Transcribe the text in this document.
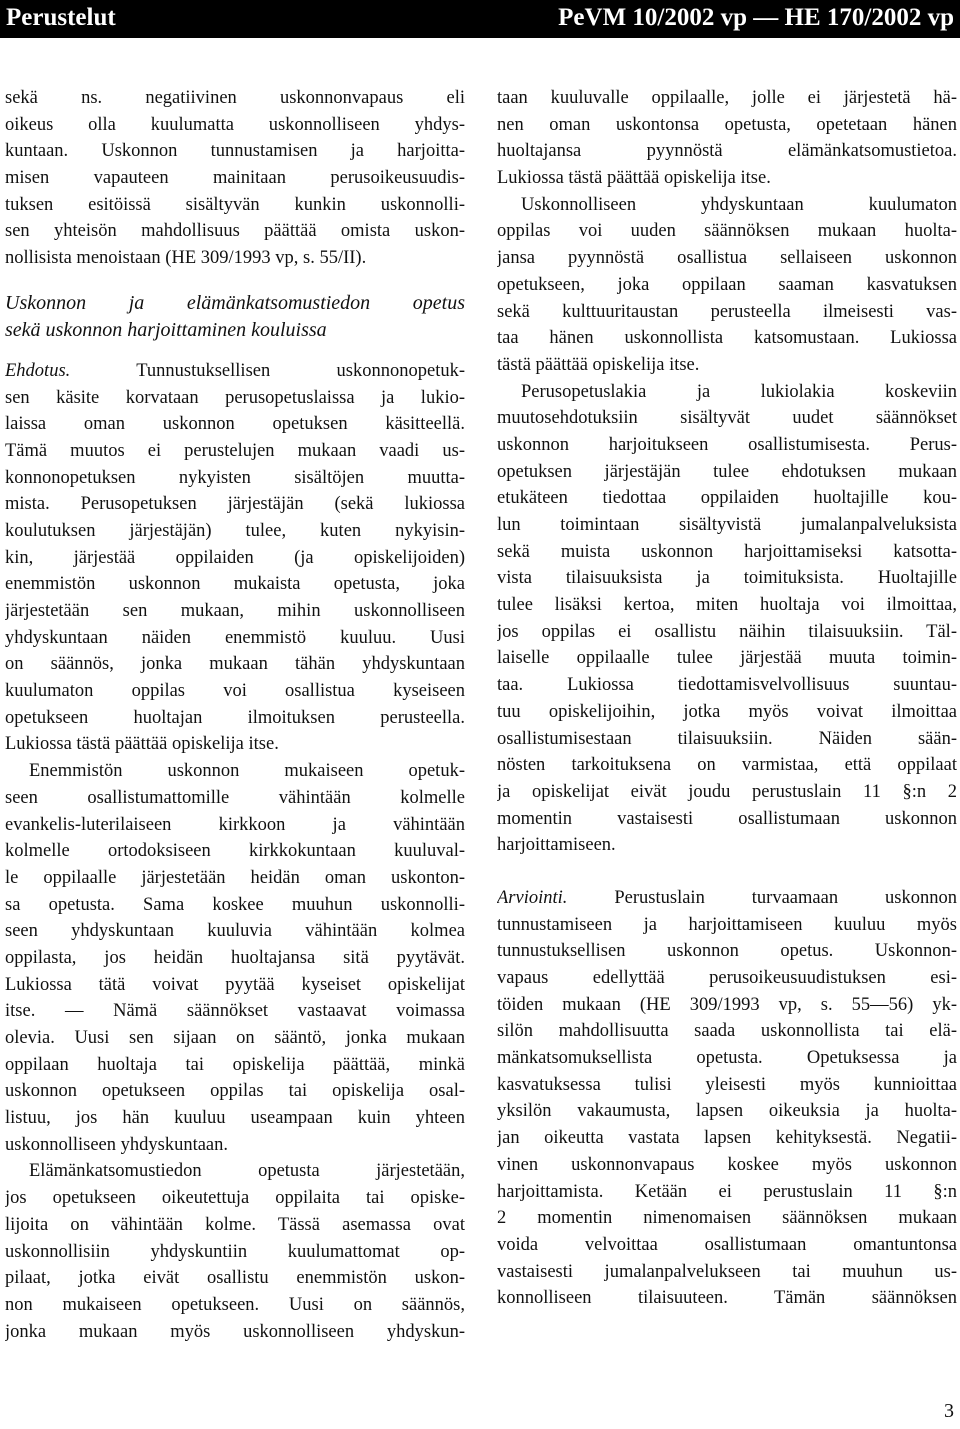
Perustelut	PeVM 10/2002 vp — HE 170/2002 vp
sekä ns. negatiivinen uskonnonvapaus eli
oikeus olla kuulumatta uskonnolliseen yhdys-
kuntaan. Uskonnon tunnustamisen ja harjoitta-
misen vapauteen mainitaan perusoikeusuudis-
tuksen esitöissä sisältyvän kunkin uskonnolli-
sen yhteisön mahdollisuus päättää omista uskon-
nollisista menoistaan (HE 309/1993 vp, s. 55/II).
Uskonnon ja elämänkatsomustiedon opetus
sekä uskonnon harjoittaminen kouluissa
Ehdotus. Tunnustuksellisen uskonnonopetuk-
sen käsite korvataan perusopetuslaissa ja lukio-
laissa oman uskonnon opetuksen käsitteellä.
Tämä muutos ei perustelujen mukaan vaadi us-
konnonopetuksen nykyisten sisältöjen muutta-
mista. Perusopetuksen järjestäjän (sekä lukiossa
koulutuksen järjestäjän) tulee, kuten nykyisin-
kin, järjestää oppilaiden (ja opiskelijoiden)
enemmistön uskonnon mukaista opetusta, joka
järjestetään sen mukaan, mihin uskonnolliseen
yhdyskuntaan näiden enemmistö kuuluu. Uusi
on säännös, jonka mukaan tähän yhdyskuntaan
kuulumaton oppilas voi osallistua kyseiseen
opetukseen huoltajan ilmoituksen perusteella.
Lukiossa tästä päättää opiskelija itse.
Enemmistön uskonnon mukaiseen opetuk-
seen osallistumattomille vähintään kolmelle
evankelis-luterilaiseen kirkkoon ja vähintään
kolmelle ortodoksiseen kirkkokuntaan kuuluval-
le oppilaalle järjestetään heidän oman uskonton-
sa opetusta. Sama koskee muuhun uskonnolli-
seen yhdyskuntaan kuuluvia vähintään kolmea
oppilasta, jos heidän huoltajansa sitä pyytävät.
Lukiossa tätä voivat pyytää kyseiset opiskelijat
itse. — Nämä säännökset vastaavat voimassa
olevia. Uusi sen sijaan on sääntö, jonka mukaan
oppilaan huoltaja tai opiskelija päättää, minkä
uskonnon opetukseen oppilas tai opiskelija osal-
listuu, jos hän kuuluu useampaan kuin yhteen
uskonnolliseen yhdyskuntaan.
Elämänkatsomustiedon opetusta järjestetään,
jos opetukseen oikeutettuja oppilaita tai opiske-
lijoita on vähintään kolme. Tässä asemassa ovat
uskonnollisiin yhdyskuntiin kuulumattomat op-
pilaat, jotka eivät osallistu enemmistön uskon-
non mukaiseen opetukseen. Uusi on säännös,
jonka mukaan myös uskonnolliseen yhdyskun-
taan kuuluvalle oppilaalle, jolle ei järjestetä hä-
nen oman uskontonsa opetusta, opetetaan hänen
huoltajansa pyynnöstä elämänkatsomustietoa.
Lukiossa tästä päättää opiskelija itse.
Uskonnolliseen yhdyskuntaan kuulumaton
oppilas voi uuden säännöksen mukaan huolta-
jansa pyynnöstä osallistua sellaiseen uskonnon
opetukseen, joka oppilaan saaman kasvatuksen
sekä kulttuuritaustan perusteella ilmeisesti vas-
taa hänen uskonnollista katsomustaan. Lukiossa
tästä päättää opiskelija itse.
Perusopetuslakia ja lukiolakia koskeviin
muutosehdotuksiin sisältyvät uudet säännökset
uskonnon harjoitukseen osallistumisesta. Perus-
opetuksen järjestäjän tulee ehdotuksen mukaan
etukäteen tiedottaa oppilaiden huoltajille kou-
lun toimintaan sisältyvistä jumalanpalveluksista
sekä muista uskonnon harjoittamiseksi katsotta-
vista tilaisuuksista ja toimituksista. Huoltajille
tulee lisäksi kertoa, miten huoltaja voi ilmoittaa,
jos oppilas ei osallistu näihin tilaisuuksiin. Täl-
laiselle oppilaalle tulee järjestää muuta toimin-
taa. Lukiossa tiedottamisvelvollisuus suuntau-
tuu opiskelijoihin, jotka myös voivat ilmoittaa
osallistumisestaan tilaisuuksiin. Näiden sään-
nösten tarkoituksena on varmistaa, että oppilaat
ja opiskelijat eivät joudu perustuslain 11 §:n 2
momentin vastaisesti osallistumaan uskonnon
harjoittamiseen.
Arviointi. Perustuslain turvaamaan uskonnon
tunnustamiseen ja harjoittamiseen kuuluu myös
tunnustuksellisen uskonnon opetus. Uskonnon-
vapaus edellyttää perusoikeusuudistuksen esi-
töiden mukaan (HE 309/1993 vp, s. 55—56) yk-
silön mahdollisuutta saada uskonnollista tai elä-
mänkatsomuksellista opetusta. Opetuksessa ja
kasvatuksessa tulisi yleisesti myös kunnioittaa
yksilön vakaumusta, lapsen oikeuksia ja huolta-
jan oikeutta vastata lapsen kehityksestä. Negatii-
vinen uskonnonvapaus koskee myös uskonnon
harjoittamista. Ketään ei perustuslain 11 §:n
2 momentin nimenomaisen säännöksen mukaan
voida velvoittaa osallistumaan omantuntonsa
vastaisesti jumalanpalvelukseen tai muuhun us-
konnolliseen tilaisuuteen. Tämän säännöksen
3
